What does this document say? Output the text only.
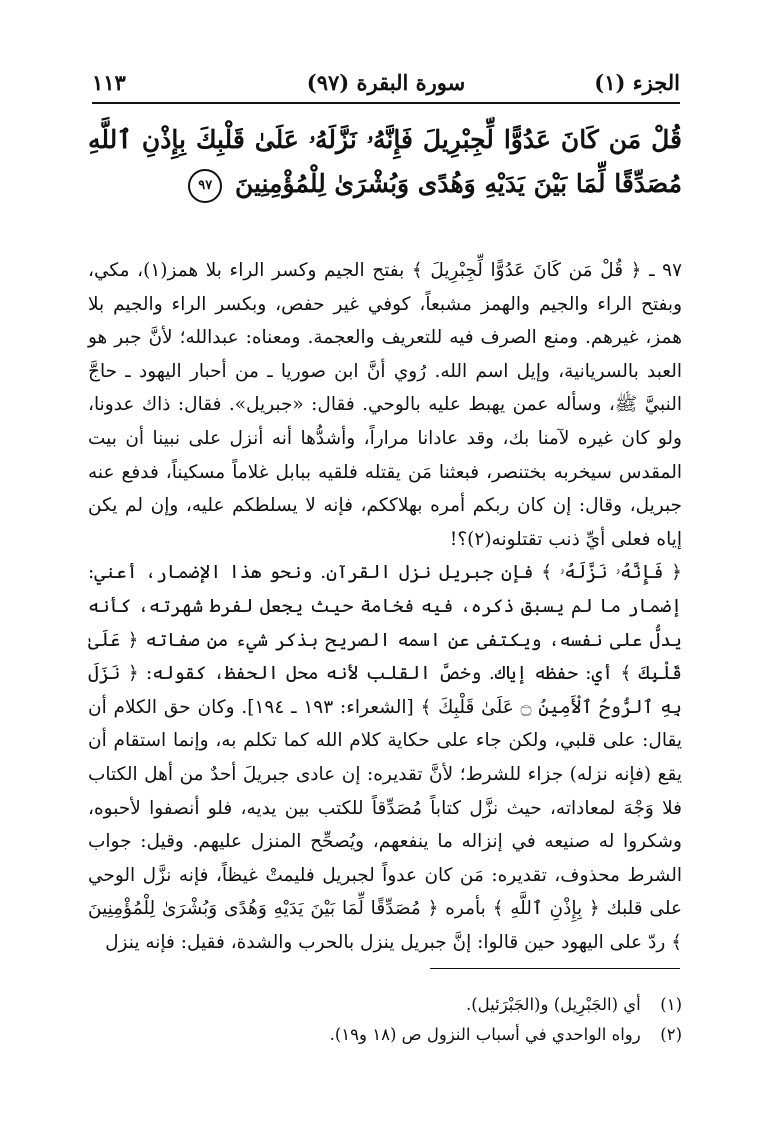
الجزء (١)
سورة البقرة (٩٧)
١١٣
قُلْ مَن كَانَ عَدُوًّا لِّجِبْرِيلَ فَإِنَّهُۥ نَزَّلَهُۥ عَلَىٰ قَلْبِكَ بِإِذْنِ ٱللَّهِ مُصَدِّقًا لِّمَا بَيْنَ يَدَيْهِ وَهُدًى وَبُشْرَىٰ لِلْمُؤْمِنِينَ ٩٧

٩٧ ـ ﴿ قُلْ مَن كَانَ عَدُوًّا لِّجِبْرِيلَ ﴾ بفتح الجيم وكسر الراء بلا همز(١)، مكي، وبفتح الراء والجيم والهمز مشبعاً، كوفي غير حفص، وبكسر الراء والجيم بلا همز، غيرهم. ومنع الصرف فيه للتعريف والعجمة. ومعناه: عبدالله؛ لأنَّ جبر هو العبد بالسريانية، وإيل اسم الله. رُوي أنَّ ابن صوريا ـ من أحبار اليهود ـ حاجَّ النبيَّ ﷺ، وسأله عمن يهبط عليه بالوحي. فقال: «جبريل». فقال: ذاك عدونا، ولو كان غيره لآمنا بك، وقد عادانا مراراً، وأشدُّها أنه أنزل على نبينا أن بيت المقدس سيخربه بختنصر، فبعثنا مَن يقتله فلقيه ببابل غلاماً مسكيناً، فدفع عنه جبريل، وقال: إن كان ربكم أمره بهلاككم، فإنه لا يسلطكم عليه، وإن لم يكن إياه فعلى أيِّ ذنب تقتلونه(٢)؟!

﴿ فَإِنَّهُۥ نَزَّلَهُۥ ﴾ فإن جبريل نزل القرآن. ونحو هذا الإضمار، أعني: إضمار ما لم يسبق ذكره، فيه فخامة حيث يجعل لفرط شهرته، كأنه يدلُّ على نفسه، ويكتفى عن اسمه الصريح بذكر شيء من صفاته ﴿ عَلَىٰ قَلْبِكَ ﴾ أي: حفظه إياك. وخصَّ القلب لأنه محل الحفظ، كقوله: ﴿ نَزَلَ بِهِ ٱلرُّوحُ ٱلْأَمِينُ ۝ عَلَىٰ قَلْبِكَ ﴾ [الشعراء: ١٩٣ ـ ١٩٤]. وكان حق الكلام أن يقال: على قلبي، ولكن جاء على حكاية كلام الله كما تكلم به، وإنما استقام أن يقع (فإنه نزله) جزاء للشرط؛ لأنَّ تقديره: إن عادى جبريلَ أحدٌ من أهل الكتاب فلا وَجْهَ لمعاداته، حيث نزَّل كتاباً مُصَدِّقاً للكتب بين يديه، فلو أنصفوا لأحبوه، وشكروا له صنيعه في إنزاله ما ينفعهم، ويُصحِّح المنزل عليهم. وقيل: جواب الشرط محذوف، تقديره: مَن كان عدواً لجبريل فليمتْ غيظاً، فإنه نزَّل الوحي على قلبك ﴿ بِإِذْنِ ٱللَّهِ ﴾ بأمره ﴿ مُصَدِّقًا لِّمَا بَيْنَ يَدَيْهِ وَهُدًى وَبُشْرَىٰ لِلْمُؤْمِنِينَ ﴾ ردّ على اليهود حين قالوا: إنَّ جبريل ينزل بالحرب والشدة، فقيل: فإنه ينزل

(١) أي (الجَبْرِيل) و(الجَبْرَئيل).
(٢) رواه الواحدي في أسباب النزول ص (١٨ و١٩).
